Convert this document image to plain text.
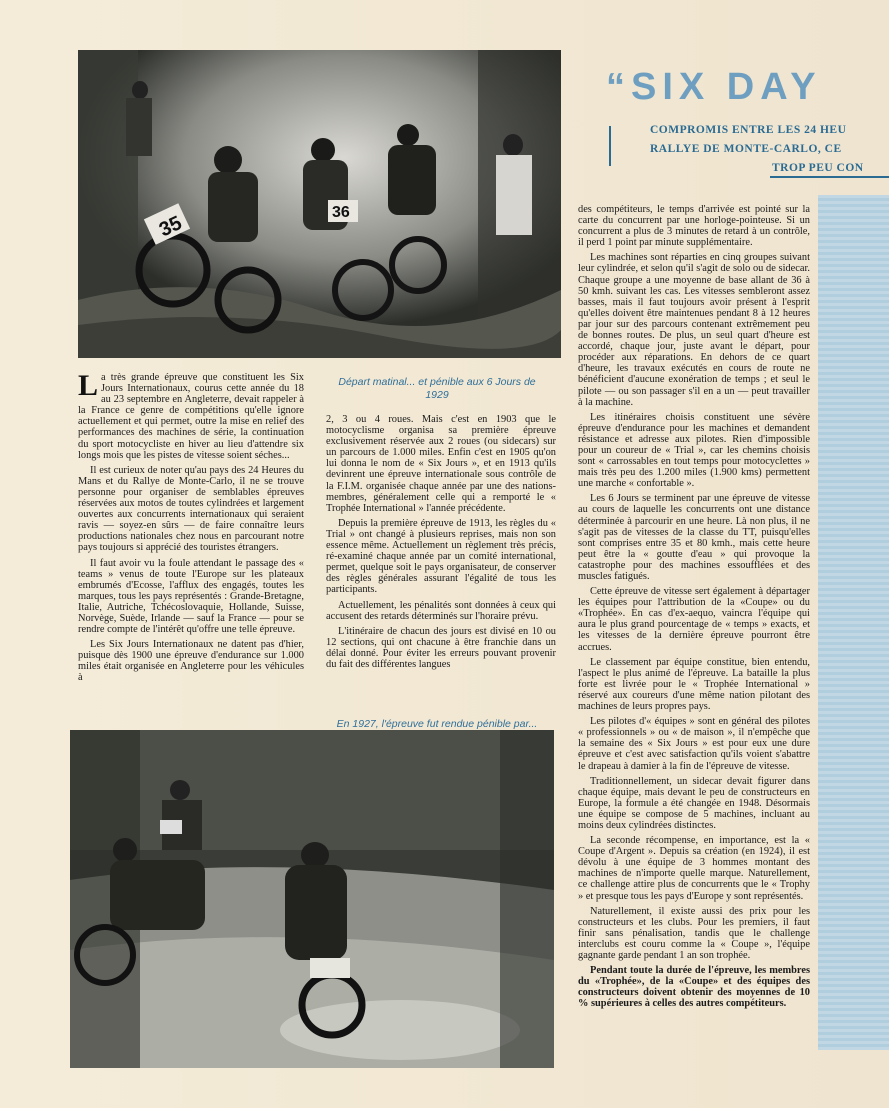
35	36
“SIX DAY
COMPROMIS ENTRE LES 24 HEU
RALLYE DE MONTE-CARLO, CE
TROP PEU CON

La très grande épreuve que constituent les Six Jours Internationaux, courus cette année du 18 au 23 septembre en Angleterre, devait rappeler à la France ce genre de compétitions qu'elle ignore actuellement et qui permet, outre la mise en relief des performances des machines de série, la continuation du sport motocycliste en hiver au lieu d'attendre six longs mois que les pistes de vitesse soient séches...

Il est curieux de noter qu'au pays des 24 Heures du Mans et du Rallye de Monte-Carlo, il ne se trouve personne pour organiser de semblables épreuves réservées aux motos de toutes cylindrées et largement ouvertes aux concurrents internationaux qui seraient ravis — soyez-en sûrs — de faire connaître leurs productions nationales chez nous en parcourant notre pays toujours si apprécié des touristes étrangers.

Il faut avoir vu la foule attendant le passage des « teams » venus de toute l'Europe sur les plateaux embrumés d'Ecosse, l'afflux des engagés, toutes les marques, tous les pays représentés : Grande-Bretagne, Italie, Autriche, Tchécoslovaquie, Hollande, Suisse, Norvège, Suède, Irlande — sauf la France — pour se rendre compte de l'intérêt qu'offre une telle épreuve.

Les Six Jours Internationaux ne datent pas d'hier, puisque dès 1900 une épreuve d'endurance sur 1.000 miles était organisée en Angleterre pour les véhicules à

Départ matinal... et pénible aux 6 Jours de 1929

2, 3 ou 4 roues. Mais c'est en 1903 que le motocyclisme organisa sa première épreuve exclusivement réservée aux 2 roues (ou sidecars) sur un parcours de 1.000 miles. Enfin c'est en 1905 qu'on lui donna le nom de « Six Jours », et en 1913 qu'ils devinrent une épreuve internationale sous contrôle de la F.I.M. organisée chaque année par une des nations-membres, généralement celle qui a remporté le « Trophée International » l'année précédente.

Depuis la première épreuve de 1913, les règles du « Trial » ont changé à plusieurs reprises, mais non son essence même. Actuellement un règlement très précis, ré-examiné chaque année par un comité international, permet, quelque soit le pays organisateur, de conserver des règles générales assurant l'égalité de tous les participants.

Actuellement, les pénalités sont données à ceux qui accusent des retards déterminés sur l'horaire prévu.

L'itinéraire de chacun des jours est divisé en 10 ou 12 sections, qui ont chacune à être franchie dans un délai donné. Pour éviter les erreurs pouvant provenir du fait des différentes langues

En 1927, l'épreuve fut rendue pénible par...

des compétiteurs, le temps d'arrivée est pointé sur la carte du concurrent par une horloge-pointeuse. Si un concurrent a plus de 3 minutes de retard à un contrôle, il perd 1 point par minute supplémentaire.

Les machines sont réparties en cinq groupes suivant leur cylindrée, et selon qu'il s'agit de solo ou de sidecar. Chaque groupe a une moyenne de base allant de 36 à 50 kmh. suivant les cas. Les vitesses sembleront assez basses, mais il faut toujours avoir présent à l'esprit qu'elles doivent être maintenues pendant 8 à 12 heures par jour sur des parcours contenant extrêmement peu de bonnes routes. De plus, un seul quart d'heure est accordé, chaque jour, juste avant le départ, pour procéder aux réparations. En dehors de ce quart d'heure, les travaux exécutés en cours de route ne bénéficient d'aucune exonération de temps ; et seul le pilote — ou son passager s'il en a un — peut travailler à la machine.

Les itinéraires choisis constituent une sévère épreuve d'endurance pour les machines et demandent résistance et adresse aux pilotes. Rien d'impossible pour un coureur de « Trial », car les chemins choisis sont « carrossables en tout temps pour motocyclettes » mais très peu des 1.200 miles (1.900 kms) permettent une marche « confortable ».

Les 6 Jours se terminent par une épreuve de vitesse au cours de laquelle les concurrents ont une distance déterminée à parcourir en une heure. Là non plus, il ne s'agit pas de vitesses de la classe du TT, puisqu'elles sont comprises entre 35 et 80 kmh., mais cette heure peut être la « goutte d'eau » qui provoque la catastrophe pour des machines essoufflées et des muscles fatigués.

Cette épreuve de vitesse sert également à départager les équipes pour l'attribution de la «Coupe» ou du «Trophée». En cas d'ex-aequo, vaincra l'équipe qui aura le plus grand pourcentage de « temps » exacts, et les vitesses de la dernière épreuve pourront être accrues.

Le classement par équipe constitue, bien entendu, l'aspect le plus animé de l'épreuve. La bataille la plus forte est livrée pour le « Trophée International » réservé aux coureurs d'une même nation pilotant des machines de leurs propres pays.

Les pilotes d'« équipes » sont en général des pilotes « professionnels » ou « de maison », il n'empêche que la semaine des « Six Jours » est pour eux une dure épreuve et c'est avec satisfaction qu'ils voient s'abattre le drapeau à damier à la fin de l'épreuve de vitesse.

Traditionnellement, un sidecar devait figurer dans chaque équipe, mais devant le peu de constructeurs en Europe, la formule a été changée en 1948. Désormais une équipe se compose de 5 machines, incluant au moins deux cylindrées distinctes.

La seconde récompense, en importance, est la « Coupe d'Argent ». Depuis sa création (en 1924), il est dévolu à une équipe de 3 hommes montant des machines de n'importe quelle marque. Naturellement, ce challenge attire plus de concurrents que le « Trophy » et presque tous les pays d'Europe y sont représentés.

Naturellement, il existe aussi des prix pour les constructeurs et les clubs. Pour les premiers, il faut finir sans pénalisation, tandis que le challenge interclubs est couru comme la « Coupe », l'équipe gagnante garde pendant 1 an son trophée.

Pendant toute la durée de l'épreuve, les membres du «Trophée», de la «Coupe» et des équipes des constructeurs doivent obtenir des moyennes de 10 % supérieures à celles des autres compétiteurs.
